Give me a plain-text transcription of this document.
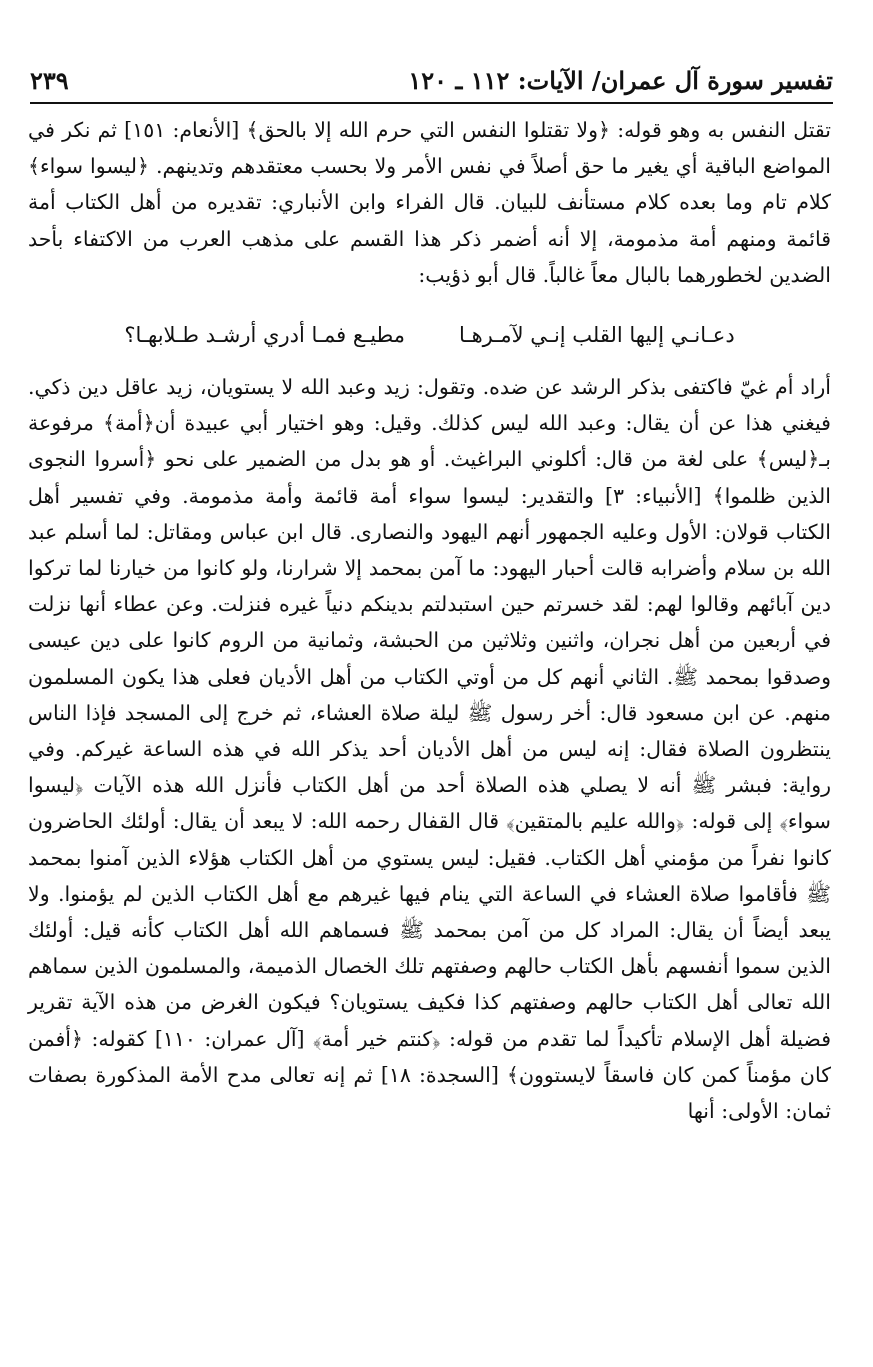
تفسير سورة آل عمران/ الآيات: ١١٢ ـ ١٢٠
٢٣٩

تقتل النفس به وهو قوله: ﴿ولا تقتلوا النفس التي حرم الله إلا بالحق﴾ [الأنعام: ١٥١] ثم نكر في المواضع الباقية أي يغير ما حق أصلاً في نفس الأمر ولا بحسب معتقدهم وتدينهم. ﴿ليسوا سواء﴾ كلام تام وما بعده كلام مستأنف للبيان. قال الفراء وابن الأنباري: تقديره من أهل الكتاب أمة قائمة ومنهم أمة مذمومة، إلا أنه أضمر ذكر هذا القسم على مذهب العرب من الاكتفاء بأحد الضدين لخطورهما بالبال معاً غالباً. قال أبو ذؤيب:

دعـانـي إليها القلب إنـي لآمـرهـا
مطيـع فمـا أدري أرشـد طـلابهـا؟

أراد أم غيّ فاكتفى بذكر الرشد عن ضده. وتقول: زيد وعبد الله لا يستويان، زيد عاقل دين ذكي. فيغني هذا عن أن يقال: وعبد الله ليس كذلك. وقيل: وهو اختيار أبي عبيدة أن﴿أمة﴾ مرفوعة بـ﴿ليس﴾ على لغة من قال: أكلوني البراغيث. أو هو بدل من الضمير على نحو ﴿أسروا النجوى الذين ظلموا﴾ [الأنبياء: ٣] والتقدير: ليسوا سواء أمة قائمة وأمة مذمومة. وفي تفسير أهل الكتاب قولان: الأول وعليه الجمهور أنهم اليهود والنصارى. قال ابن عباس ومقاتل: لما أسلم عبد الله بن سلام وأضرابه قالت أحبار اليهود: ما آمن بمحمد إلا شرارنا، ولو كانوا من خيارنا لما تركوا دين آبائهم وقالوا لهم: لقد خسرتم حين استبدلتم بدينكم دنياً غيره فنزلت. وعن عطاء أنها نزلت في أربعين من أهل نجران، واثنين وثلاثين من الحبشة، وثمانية من الروم كانوا على دين عيسى وصدقوا بمحمد ﷺ. الثاني أنهم كل من أوتي الكتاب من أهل الأديان فعلى هذا يكون المسلمون منهم. عن ابن مسعود قال: أخر رسول ﷺ ليلة صلاة العشاء، ثم خرج إلى المسجد فإذا الناس ينتظرون الصلاة فقال: إنه ليس من أهل الأديان أحد يذكر الله في هذه الساعة غيركم. وفي رواية: فبشر ﷺ أنه لا يصلي هذه الصلاة أحد من أهل الكتاب فأنزل الله هذه الآيات ﴿ليسوا سواء﴾ إلى قوله: ﴿والله عليم بالمتقين﴾ قال القفال رحمه الله: لا يبعد أن يقال: أولئك الحاضرون كانوا نفراً من مؤمني أهل الكتاب. فقيل: ليس يستوي من أهل الكتاب هؤلاء الذين آمنوا بمحمد ﷺ فأقاموا صلاة العشاء في الساعة التي ينام فيها غيرهم مع أهل الكتاب الذين لم يؤمنوا. ولا يبعد أيضاً أن يقال: المراد كل من آمن بمحمد ﷺ فسماهم الله أهل الكتاب كأنه قيل: أولئك الذين سموا أنفسهم بأهل الكتاب حالهم وصفتهم تلك الخصال الذميمة، والمسلمون الذين سماهم الله تعالى أهل الكتاب حالهم وصفتهم كذا فكيف يستويان؟ فيكون الغرض من هذه الآية تقرير فضيلة أهل الإسلام تأكيداً لما تقدم من قوله: ﴿كنتم خير أمة﴾ [آل عمران: ١١٠] كقوله: ﴿أفمن كان مؤمناً كمن كان فاسقاً لايستوون﴾ [السجدة: ١٨] ثم إنه تعالى مدح الأمة المذكورة بصفات ثمان: الأولى: أنها
